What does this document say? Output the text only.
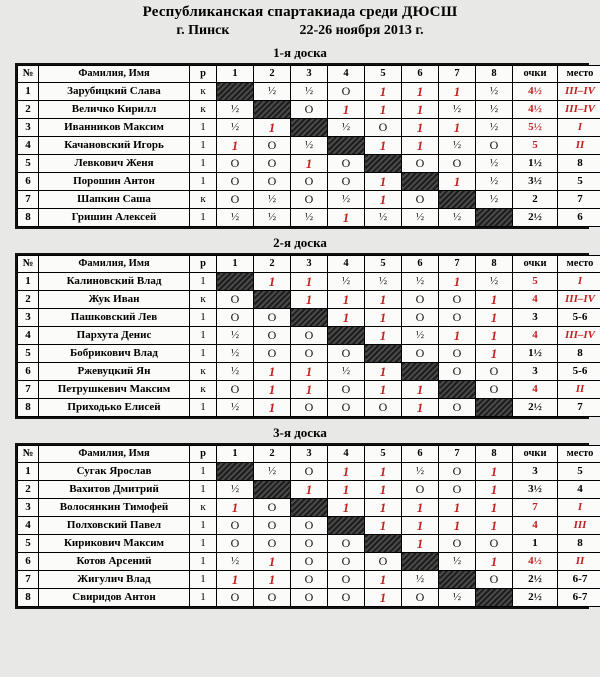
Республиканская спартакиада среди ДЮСШ
г. Пинск	22-26 ноября 2013 г.
1-я доска
№	Фамилия, Имя	р	1	2	3	4	5	6	7	8	очки	место
1	Зарубицкий Слава	к		½	½	O	1	1	1	½	4½	III–IV
2	Величко Кирилл	к	½		O	1	1	1	½	½	4½	III–IV
3	Иванников Максим	1	½	1		½	O	1	1	½	5½	I
4	Качановский Игорь	1	1	O	½		1	1	½	O	5	II
5	Левкович Женя	1	O	O	1	O		O	O	½	1½	8
6	Порошин Антон	1	O	O	O	O	1		1	½	3½	5
7	Шапкин Саша	к	O	½	O	½	1	O		½	2	7
8	Гришин Алексей	1	½	½	½	1	½	½	½		2½	6
2-я доска
№	Фамилия, Имя	р	1	2	3	4	5	6	7	8	очки	место
1	Калиновский Влад	1		1	1	½	½	½	1	½	5	I
2	Жук Иван	к	O		1	1	1	O	O	1	4	III–IV
3	Пашковский Лев	1	O	O		1	1	O	O	1	3	5-6
4	Пархута Денис	1	½	O	O		1	½	1	1	4	III–IV
5	Бобрикович Влад	1	½	O	O	O		O	O	1	1½	8
6	Ржевуцкий Ян	к	½	1	1	½	1		O	O	3	5-6
7	Петрушкевич Максим	к	O	1	1	O	1	1		O	4	II
8	Приходько Елисей	1	½	1	O	O	O	1	O		2½	7
3-я доска
№	Фамилия, Имя	р	1	2	3	4	5	6	7	8	очки	место
1	Сугак Ярослав	1		½	O	1	1	½	O	1	3	5
2	Вахитов Дмитрий	1	½		1	1	1	O	O	1	3½	4
3	Волосянкин Тимофей	к	1	O		1	1	1	1	1	7	I
4	Полховский Павел	1	O	O	O		1	1	1	1	4	III
5	Кирикович Максим	1	O	O	O	O		1	O	O	1	8
6	Котов Арсений	1	½	1	O	O	O		½	1	4½	II
7	Жигулич Влад	1	1	1	O	O	1	½		O	2½	6-7
8	Свиридов Антон	1	O	O	O	O	1	O	½		2½	6-7
